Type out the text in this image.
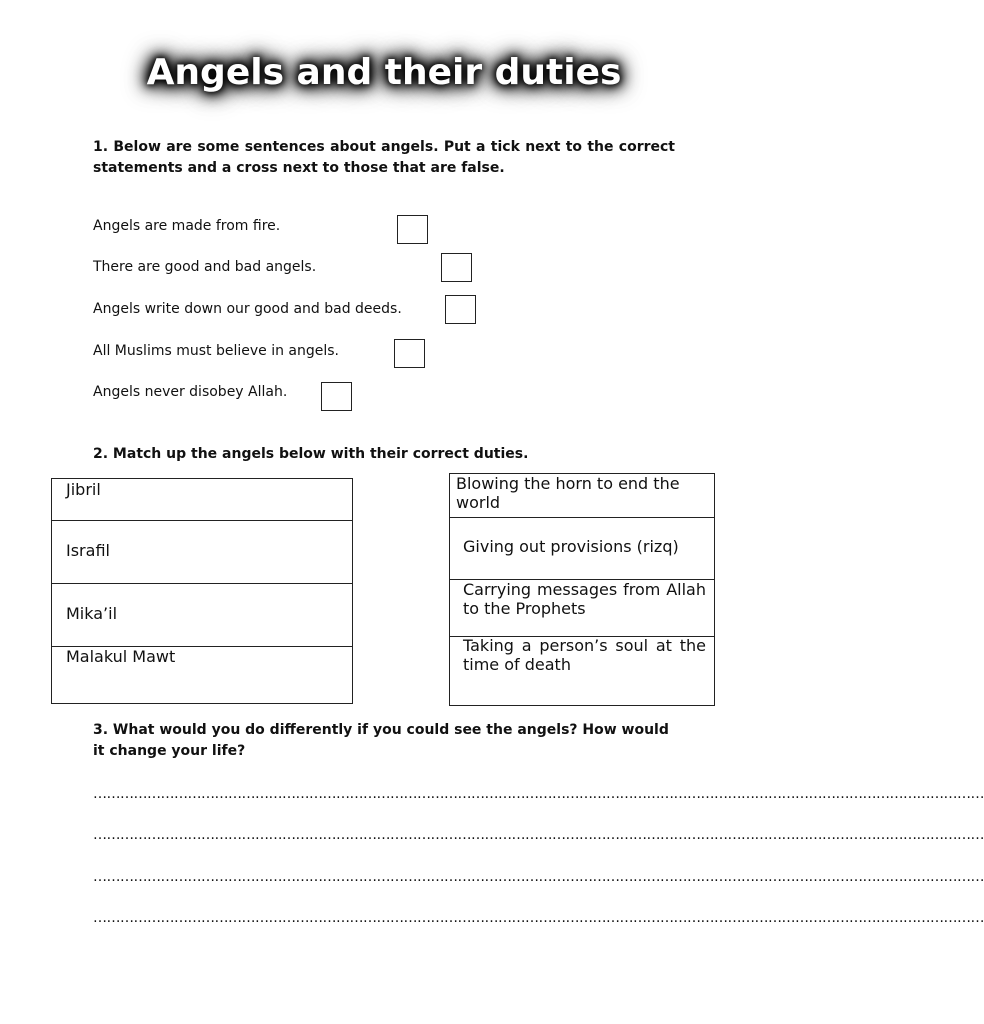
Angels and their duties

1. Below are some sentences about angels. Put a tick next to the correct statements and a cross next to those that are false.

Angels are made from fire.
There are good and bad angels.
Angels write down our good and bad deeds.
All Muslims must believe in angels.
Angels never disobey Allah.

2. Match up the angels below with their correct duties.

Jibril
Israfil
Mika’il
Malakul Mawt
Blowing the horn to end the world
Giving out provisions (rizq)
Carrying messages from Allah to the Prophets
Taking a person’s soul at the time of death

3. What would you do differently if you could see the angels? How would it change your life?

………………………………………………………………………………………………………………………………………………………………………………
………………………………………………………………………………………………………………………………………………………………………………
………………………………………………………………………………………………………………………………………………………………………………
………………………………………………………………………………………………………………………………………………………………………………
